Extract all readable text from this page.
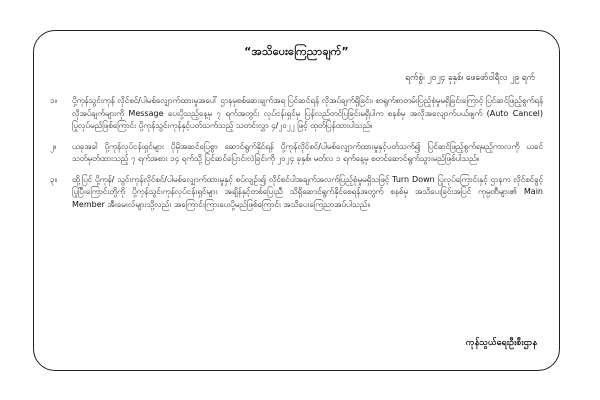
“အသိပေးကြေညာချက်”
ရက်စွဲ၊ ၂၀၂၄ ခုနှစ်၊ ဖေဖော်ဝါရီလ ၂၉ ရက်
၁။	ပို့ကုန်သွင်းကုန် လိုင်စင်/ပါမစ်လျှောက်ထားမှုအပေါ် ဌာနမှစစ်ဆေးချက်အရ ပြင်ဆင်ရန် လိုအပ်ချက်ရှိခြင်း၊ စာရွက်စာတမ်းပြည့်စုံမှုမရှိခြင်းကြောင့် ပြင်ဆင်ဖြည့်စွက်ရန် လိုအပ်ချက်များကို Message ပေးပို့သည့်နေ့မှ ၇ ရက်အတွင်း လုပ်ငန်းရှင်မှ ပြန်လည်တင်ပြခြင်းမရှိပါက စနစ်မှ အလိုအလျောက်ပယ်ဖျက် (Auto Cancel) ပြုလုပ်မည်ဖြစ်ကြောင်း ပို့ကုန်သွင်းကုန်နှင့်ပတ်သက်သည့် သတင်းလွှာ ၄/၂၀၂၂ ဖြင့် ထုတ်ပြန်ထားပါသည်။
၂။	ယခုအခါ ပို့ကုန်လုပ်ငန်းရှင်များ ပိုမိုအဆင်ပြေစွာ ဆောင်ရွက်နိုင်ရန် ပို့ကုန်လိုင်စင်/ပါမစ်လျှောက်ထားမှုနှင့်ပတ်သက်၍ ပြင်ဆင်ဖြည့်စွက်ရမည့်ကာလကို ယခင်သတ်မှတ်ထားသည့် ၇ ရက်အစား ၁၄ ရက်သို့ ပြင်ဆင်ပြောင်းလဲခြင်းကို ၂၀၂၄ ခုနှစ်၊ မတ်လ ၁ ရက်နေ့မှ စတင်ဆောင်ရွက်သွားမည်ဖြစ်ပါသည်။
၃။	ထို့ပြင် ပို့ကုန်/ သွင်းကုန်လိုင်စင်/ပါမစ်လျှောက်ထားမှုနှင့် စပ်လျဉ်း၍ လိုင်စင်ပါအချက်အလက်ပြည့်စုံမှုမရှိသဖြင့် Turn Down ပြုလုပ်ကြောင်းနှင့် ဌာနက လိုင်စင်ခွင့်ပြုပြီးကြောင်းတို့ကို ပို့ကုန်သွင်းကုန်လုပ်ငန်းရှင်များ အချိန်နှင့်တစ်ပြေးညီ သိရှိဆောင်ရွက်နိုင်စေရန်အတွက် စနစ်မှ အသိပေးခြင်းအပြင် ကုမ္ပဏီများ၏ Main Member အီးမေးလ်များသို့လည်း အကြောင်းကြားပေးပို့မည်ဖြစ်ကြောင်း အသိပေးကြေညာအပ်ပါသည်။
ကုန်သွယ်ရေးဦးစီးဌာန
